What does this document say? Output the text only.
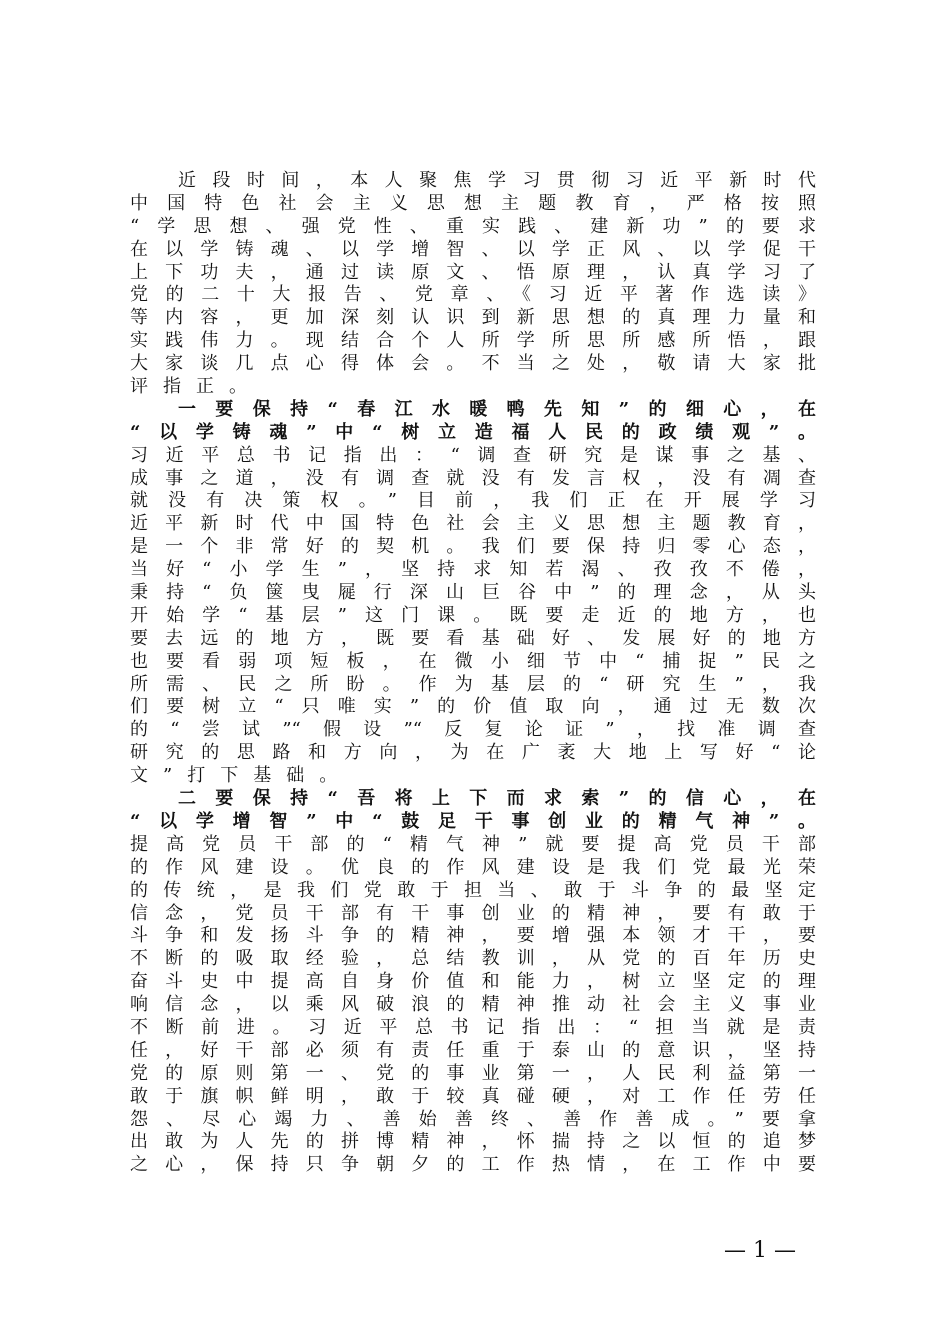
近段时间，本人聚焦学习贯彻习近平新时代
中国特色社会主义思想主题教育，严格按照
“学思想、强党性、重实践、建新功”的要求
在以学铸魂、以学增智、以学正风、以学促干
上下功夫，通过读原文、悟原理，认真学习了
党的二十大报告、党章、《习近平著作选读》
等内容，更加深刻认识到新思想的真理力量和
实践伟力。现结合个人所学所思所感所悟，跟
大家谈几点心得体会。不当之处，敬请大家批
评指正。
一要保持“春江水暖鸭先知”的细心，在
“以学铸魂”中“树立造福人民的政绩观”。
习近平总书记指出：“调查研究是谋事之基、
成事之道，没有调查就没有发言权，没有凋查
就没有决策权。”目前，我们正在开展学习
近平新时代中国特色社会主义思想主题教育，
是一个非常好的契机。我们要保持归零心态，
当好“小学生”，坚持求知若渴、孜孜不倦，
秉持“负箧曳屣行深山巨谷中”的理念，从头
开始学“基层”这门课。既要走近的地方，也
要去远的地方，既要看基础好、发展好的地方
也要看弱项短板，在微小细节中“捕捉”民之
所需、民之所盼。作为基层的“研究生”，我
们要树立“只唯实”的价值取向，通过无数次
的“尝试”“假设”“反复论证”，找准调查
研究的思路和方向，为在广袤大地上写好“论
文”打下基础。
二要保持“吾将上下而求索”的信心，在
“以学增智”中“鼓足干事创业的精气神”。
提高党员干部的“精气神”就要提高党员干部
的作风建设。优良的作风建设是我们党最光荣
的传统，是我们党敢于担当、敢于斗争的最坚定
信念，党员干部有干事创业的精神，要有敢于
斗争和发扬斗争的精神，要增强本领才干，要
不断的吸取经验，总结教训，从党的百年历史
奋斗史中提高自身价值和能力，树立坚定的理
响信念，以乘风破浪的精神推动社会主义事业
不断前进。习近平总书记指出：“担当就是责
任，好干部必须有责任重于泰山的意识，坚持
党的原则第一、党的事业第一，人民利益第一
敢于旗帜鲜明，敢于较真碰硬，对工作任劳任
怨、尽心竭力、善始善终、善作善成。”要拿
出敢为人先的拼博精神，怀揣持之以恒的追梦
之心，保持只争朝夕的工作热情，在工作中要
— 1 —
